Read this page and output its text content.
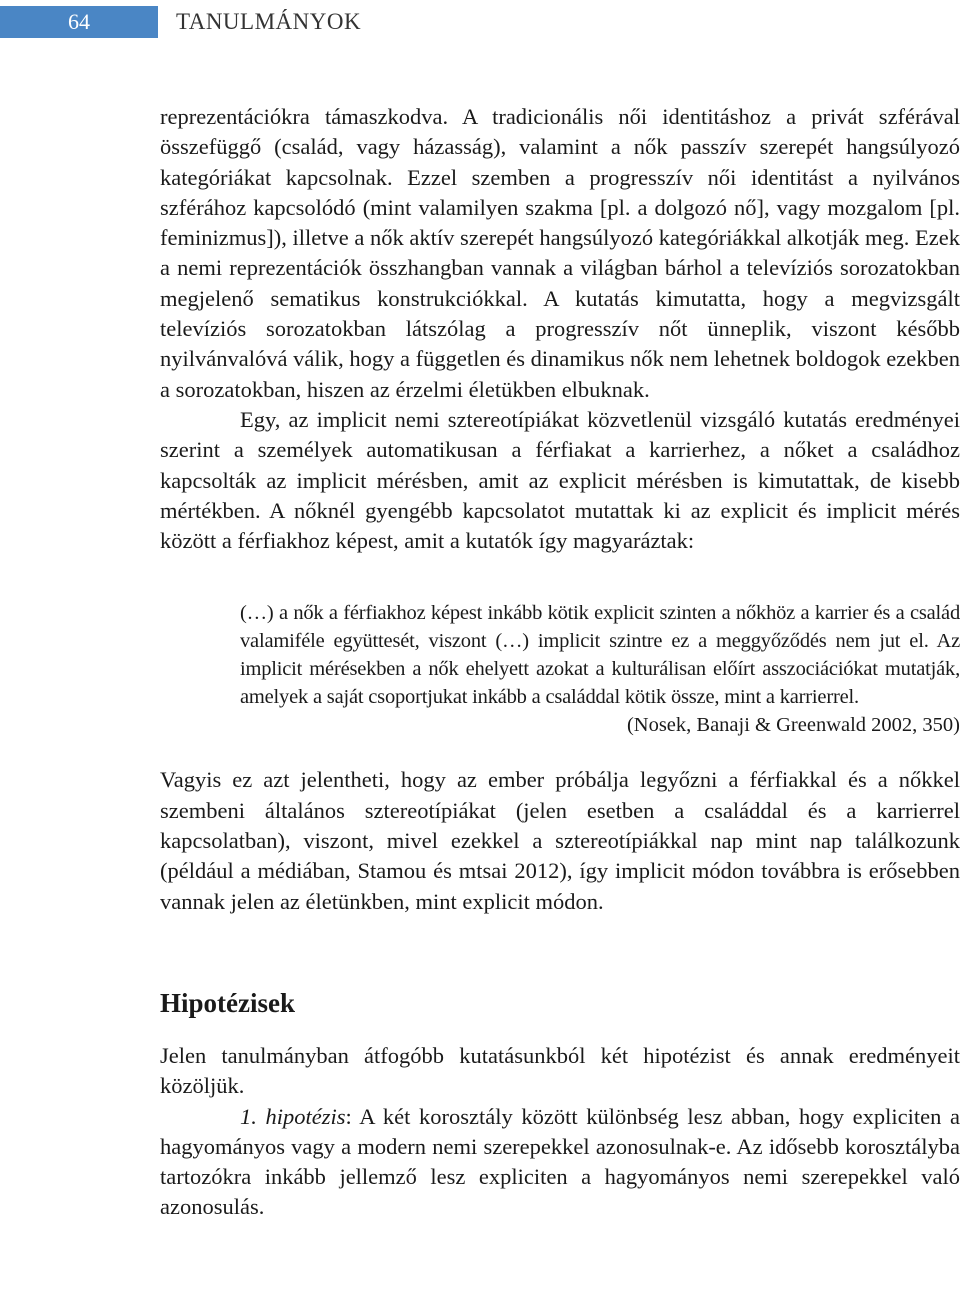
64	TANULMÁNYOK

reprezentációkra támaszkodva. A tradicionális női identitáshoz a privát szférával összefüggő (család, vagy házasság), valamint a nők passzív szerepét hangsúlyozó kategóriákat kapcsolnak. Ezzel szemben a progresszív női identitást a nyilvános szférához kapcsolódó (mint valamilyen szakma [pl. a dolgozó nő], vagy mozgalom [pl. feminizmus]), illetve a nők aktív szerepét hangsúlyozó kategóriákkal alkotják meg. Ezek a nemi reprezentációk összhangban vannak a világban bárhol a televíziós sorozatokban megjelenő sematikus konstrukciókkal. A kutatás kimutatta, hogy a megvizsgált televíziós sorozatokban látszólag a progresszív nőt ünneplik, viszont később nyilvánvalóvá válik, hogy a független és dinamikus nők nem lehetnek boldogok ezekben a sorozatokban, hiszen az érzelmi életükben elbuknak.

Egy, az implicit nemi sztereotípiákat közvetlenül vizsgáló kutatás eredményei szerint a személyek automatikusan a férfiakat a karrierhez, a nőket a családhoz kapcsolták az implicit mérésben, amit az explicit mérésben is kimutattak, de kisebb mértékben. A nőknél gyengébb kapcsolatot mutattak ki az explicit és implicit mérés között a férfiakhoz képest, amit a kutatók így magyaráztak:

(…) a nők a férfiakhoz képest inkább kötik explicit szinten a nőkhöz a karrier és a család valamiféle együttesét, viszont (…) implicit szintre ez a meggyőződés nem jut el. Az implicit mérésekben a nők ehelyett azokat a kulturálisan előírt asszociációkat mutatják, amelyek a saját csoportjukat inkább a családdal kötik össze, mint a karrierrel.

(Nosek, Banaji & Greenwald 2002, 350)

Vagyis ez azt jelentheti, hogy az ember próbálja legyőzni a férfiakkal és a nőkkel szembeni általános sztereotípiákat (jelen esetben a családdal és a karrierrel kapcsolatban), viszont, mivel ezekkel a sztereotípiákkal nap mint nap találkozunk (például a médiában, Stamou és mtsai 2012), így implicit módon továbbra is erősebben vannak jelen az életünkben, mint explicit módon.

Hipotézisek

Jelen tanulmányban átfogóbb kutatásunkból két hipotézist és annak eredményeit közöljük.

1. hipotézis: A két korosztály között különbség lesz abban, hogy expliciten a hagyományos vagy a modern nemi szerepekkel azonosulnak-e. Az idősebb korosztályba tartozókra inkább jellemző lesz expliciten a hagyományos nemi szerepekkel való azonosulás.
